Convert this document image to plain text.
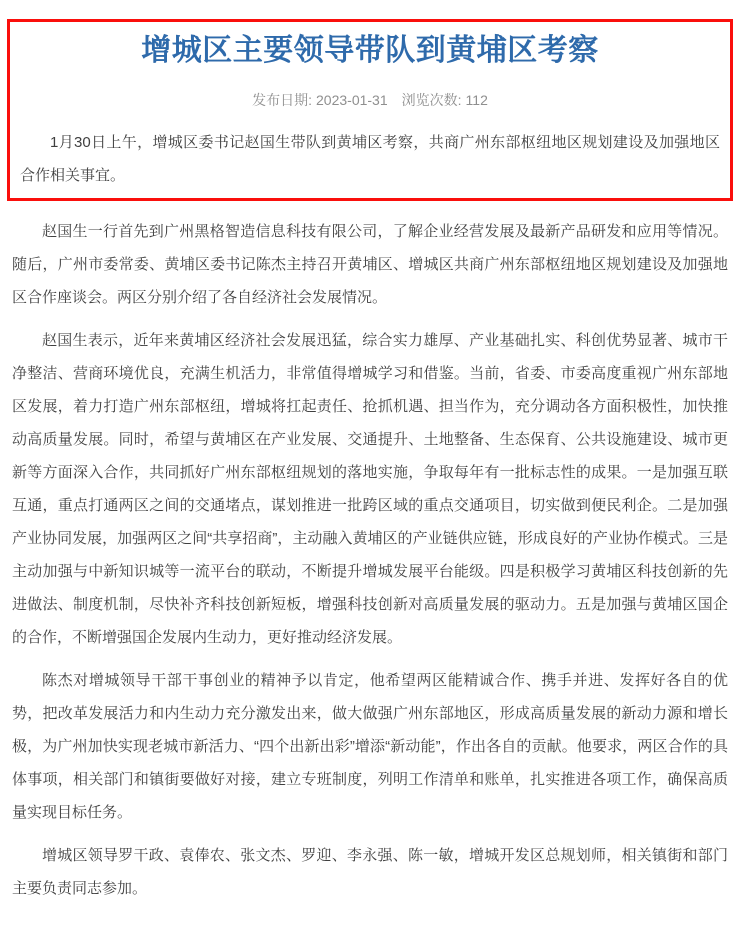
增城区主要领导带队到黄埔区考察
发布日期: 2023-01-31 浏览次数: 112

1月30日上午，增城区委书记赵国生带队到黄埔区考察，共商广州东部枢纽地区规划建设及加强地区合作相关事宜。

赵国生一行首先到广州黑格智造信息科技有限公司，了解企业经营发展及最新产品研发和应用等情况。随后，广州市委常委、黄埔区委书记陈杰主持召开黄埔区、增城区共商广州东部枢纽地区规划建设及加强地区合作座谈会。两区分别介绍了各自经济社会发展情况。

赵国生表示，近年来黄埔区经济社会发展迅猛，综合实力雄厚、产业基础扎实、科创优势显著、城市干净整洁、营商环境优良，充满生机活力，非常值得增城学习和借鉴。当前，省委、市委高度重视广州东部地区发展，着力打造广州东部枢纽，增城将扛起责任、抢抓机遇、担当作为，充分调动各方面积极性，加快推动高质量发展。同时，希望与黄埔区在产业发展、交通提升、土地整备、生态保育、公共设施建设、城市更新等方面深入合作，共同抓好广州东部枢纽规划的落地实施，争取每年有一批标志性的成果。一是加强互联互通，重点打通两区之间的交通堵点，谋划推进一批跨区域的重点交通项目，切实做到便民利企。二是加强产业协同发展，加强两区之间“共享招商”，主动融入黄埔区的产业链供应链，形成良好的产业协作模式。三是主动加强与中新知识城等一流平台的联动，不断提升增城发展平台能级。四是积极学习黄埔区科技创新的先进做法、制度机制，尽快补齐科技创新短板，增强科技创新对高质量发展的驱动力。五是加强与黄埔区国企的合作，不断增强国企发展内生动力，更好推动经济发展。

陈杰对增城领导干部干事创业的精神予以肯定，他希望两区能精诚合作、携手并进、发挥好各自的优势，把改革发展活力和内生动力充分激发出来，做大做强广州东部地区，形成高质量发展的新动力源和增长极，为广州加快实现老城市新活力、“四个出新出彩”增添“新动能”，作出各自的贡献。他要求，两区合作的具体事项，相关部门和镇街要做好对接，建立专班制度，列明工作清单和账单，扎实推进各项工作，确保高质量实现目标任务。

增城区领导罗干政、袁俸农、张文杰、罗迎、李永强、陈一敏，增城开发区总规划师，相关镇街和部门主要负责同志参加。
